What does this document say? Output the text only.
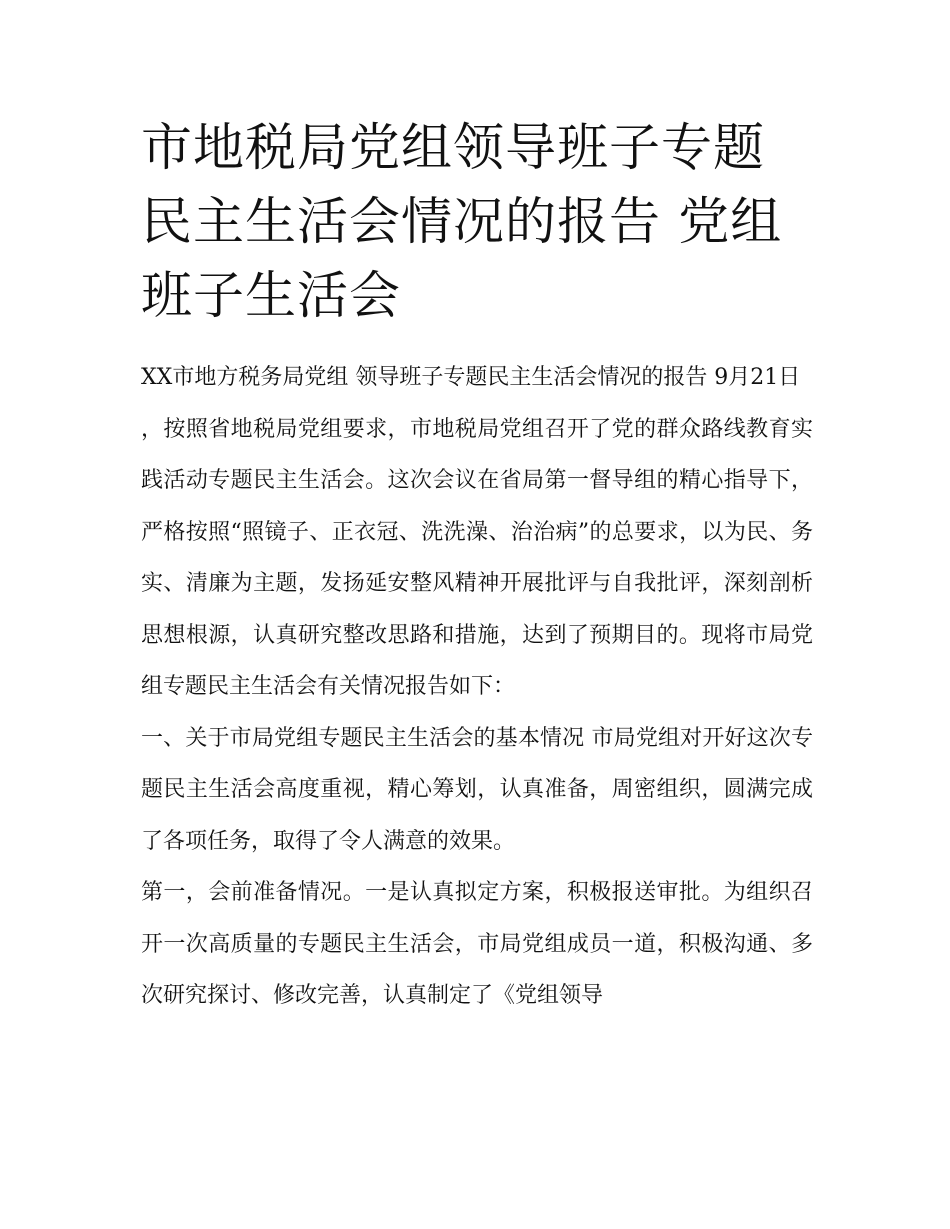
市地税局党组领导班子专题民主生活会情况的报告 党组班子生活会

XX市地方税务局党组 领导班子专题民主生活会情况的报告 9月21日

，按照省地税局党组要求，市地税局党组召开了党的群众路线教育实践活动专题民主生活会。这次会议在省局第一督导组的精心指导下，严格按照“照镜子、正衣冠、洗洗澡、治治病”的总要求，以为民、务实、清廉为主题，发扬延安整风精神开展批评与自我批评，深刻剖析思想根源，认真研究整改思路和措施，达到了预期目的。现将市局党组专题民主生活会有关情况报告如下：

一、关于市局党组专题民主生活会的基本情况 市局党组对开好这次专题民主生活会高度重视，精心筹划，认真准备，周密组织，圆满完成了各项任务，取得了令人满意的效果。

第一，会前准备情况。一是认真拟定方案，积极报送审批。为组织召开一次高质量的专题民主生活会，市局党组成员一道，积极沟通、多次研究探讨、修改完善，认真制定了《党组领导
